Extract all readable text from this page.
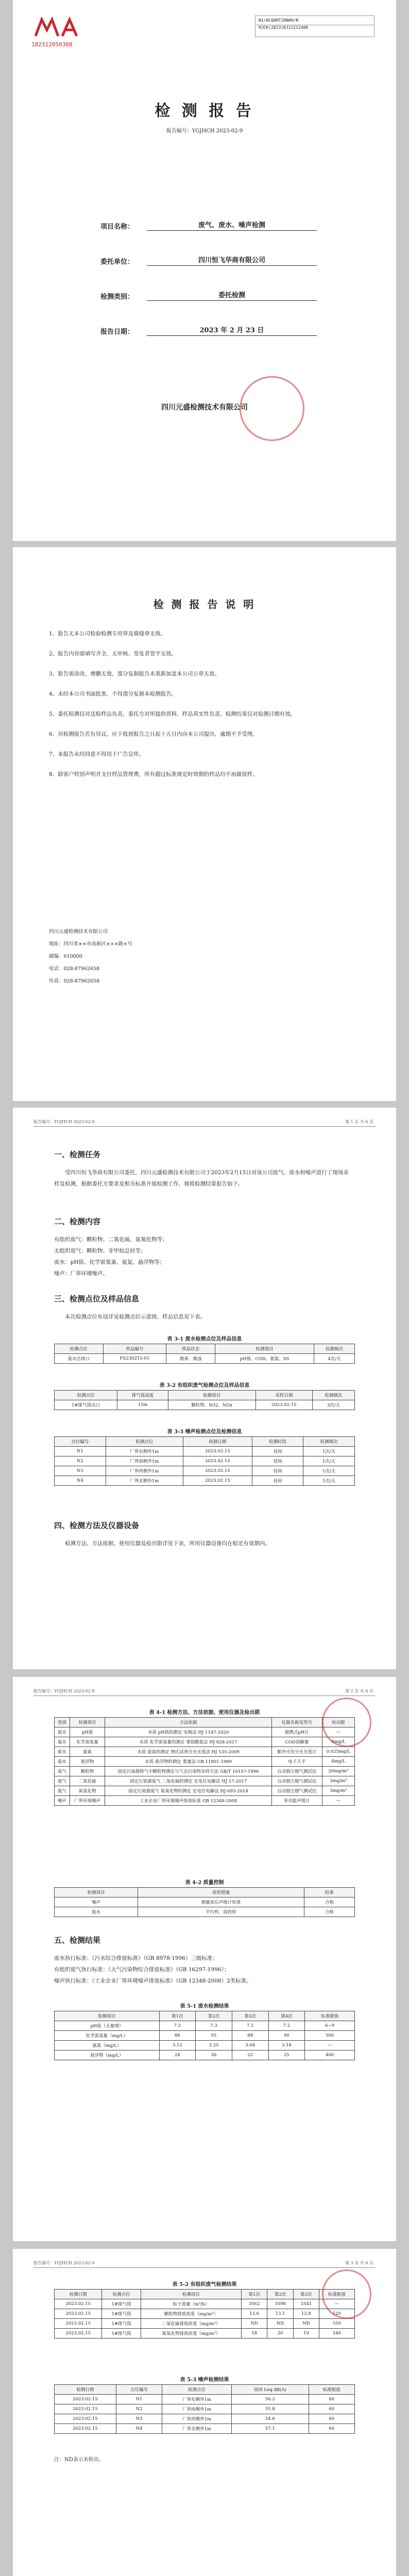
182312050308
N1/0CQ0HT20N0H/N
HJCK(2023)DJ12212400
检 测 报 告
报告编号：YGJHCH 2023-02-9
项目名称：	废气、废水、噪声检测
委托单位：	四川恒飞华商有限公司
检测类别：	委托检测
报告日期：	2023 年 2 月 23 日
四川元盛检测技术有限公司
检 测 报 告 说 明
1、报告无本公司检验检测专用章及骑缝章无效。
2、报告内容需填写齐全，无审核、签发者签字无效。
3、报告需涂改、增删无效，部分复制报告未重新加盖本公司公章无效。
4、未经本公司书面批准，不得部分复制本检测报告。
5、委托检测仅对送检样品负责，委托方对所提供资料、样品真实性负责，检测结果仅对检测日期有效。
6、对检测报告若有异议，应于收到报告之日起十五日内向本公司提出，逾期不予受理。
7、本报告未经同意不得用于广告宣传。
8、除客户特别声明并支付样品管理费，所有超过标准规定时效期的样品均不再做留样。
四川元盛检测技术有限公司
地址：四川省××市高新区×××路×号
邮编：610000
电话：028-87962658
传真：028-87962658
报告编号：YGJHCH 2023-02-9	第 1 页 共 6 页
一、检测任务
受四川恒飞华商有限公司委托，四川元盛检测技术有限公司于2023年2月15日对该公司废气、废水和噪声进行了现场采样及检测，根据委托方要求及相关标准开展检测工作，现将检测结果报告如下。
二、检测内容
有组织废气：颗粒物、二氧化硫、氮氧化物等；
无组织废气：颗粒物、非甲烷总烃等；
废水：pH值、化学需氧量、氨氮、悬浮物等；
噪声：厂界环境噪声。
三、检测点位及样品信息
本次检测点位布设详见检测点位示意图，样品信息见下表。
表 3-1 废水检测点位及样品信息
检测点位	样品编号	样品状态	检测项目	检测频次
废水总排口	FS230215-01	微黄、微浊	pH值、COD、氨氮、SS	4次/天
表 3-2 有组织废气检测点位及样品信息
检测点位	排气筒高度	检测项目	采样日期	检测频次
1#排气筒出口	15m	颗粒物、SO2、NOx	2023.02.15	3次/天
表 3-3 噪声检测点位及检测信息
点位编号	检测点位	检测日期	检测时段	检测频次
N1	厂界东侧外1m	2023.02.15	昼间	1次/天
N2	厂界南侧外1m	2023.02.15	昼间	1次/天
N3	厂界西侧外1m	2023.02.15	昼间	1次/天
N4	厂界北侧外1m	2023.02.15	昼间	1次/天
四、检测方法及仪器设备
检测方法、方法依据、使用仪器及检出限详见下表，所用仪器设备均在检定有效期内。
报告编号：YGJHCH 2023-02-9	第 2 页 共 6 页
表 4-1 检测方法、方法依据、使用仪器及检出限
类别	检测项目	方法依据	仪器名称及型号	检出限
废水	pH值	水质 pH值的测定 电极法 HJ 1147-2020	便携式pH计	—
废水	化学需氧量	水质 化学需氧量的测定 重铬酸盐法 HJ 828-2017	COD消解器	4mg/L
废水	氨氮	水质 氨氮的测定 纳氏试剂分光光度法 HJ 535-2009	紫外可见分光光度计	0.025mg/L
废水	悬浮物	水质 悬浮物的测定 重量法 GB 11901-1989	电子天平	4mg/L
废气	颗粒物	固定污染源排气中颗粒物测定与气态污染物采样方法 GB/T 16157-1996	自动烟尘烟气测试仪	20mg/m³
废气	二氧化硫	固定污染源废气 二氧化硫的测定 定电位电解法 HJ 57-2017	自动烟尘烟气测试仪	3mg/m³
废气	氮氧化物	固定污染源废气 氮氧化物的测定 定电位电解法 HJ 693-2014	自动烟尘烟气测试仪	3mg/m³
噪声	厂界环境噪声	工业企业厂界环境噪声排放标准 GB 12348-2008	多功能声级计	—
表 4-2 质量控制
检测项目	质控措施	结果
噪声	测量前后声级计校准	合格
废水	平行样、质控样	合格
五、检测结果
废水执行标准：《污水综合排放标准》（GB 8978-1996）三级标准；
有组织废气执行标准：《大气污染物综合排放标准》（GB 16297-1996）；
噪声执行标准：《工业企业厂界环境噪声排放标准》（GB 12348-2008）2类标准。
表 5-1 废水检测结果
检测项目	第1次	第2次	第3次	第4次	标准限值
pH值（无量纲）	7.2	7.3	7.1	7.2	6~9
化学需氧量（mg/L）	86	92	88	90	500
氨氮（mg/L）	3.12	3.25	3.08	3.18	—
悬浮物（mg/L）	24	26	22	25	400
报告编号：YGJHCH 2023-02-9	第 3 页 共 6 页
表 5-2 有组织废气检测结果
检测日期	检测点位	检测项目	第1次	第2次	第3次	标准限值
2023.02.15	1#排气筒	标干流量（m³/h）	3562	3598	3541	—
2023.02.15	1#排气筒	颗粒物排放浓度（mg/m³）	12.6	13.1	12.8	120
2023.02.15	1#排气筒	二氧化硫排放浓度（mg/m³）	ND	ND	ND	550
2023.02.15	1#排气筒	氮氧化物排放浓度（mg/m³）	18	20	19	240
表 5-3 噪声检测结果
检测日期	点位编号	检测点位	昼间 Leq dB(A)	标准限值
2023.02.15	N1	厂界东侧外1m	56.2	60
2023.02.15	N2	厂界南侧外1m	55.8	60
2023.02.15	N3	厂界西侧外1m	54.6	60
2023.02.15	N4	厂界北侧外1m	57.1	60
注：ND表示未检出。
